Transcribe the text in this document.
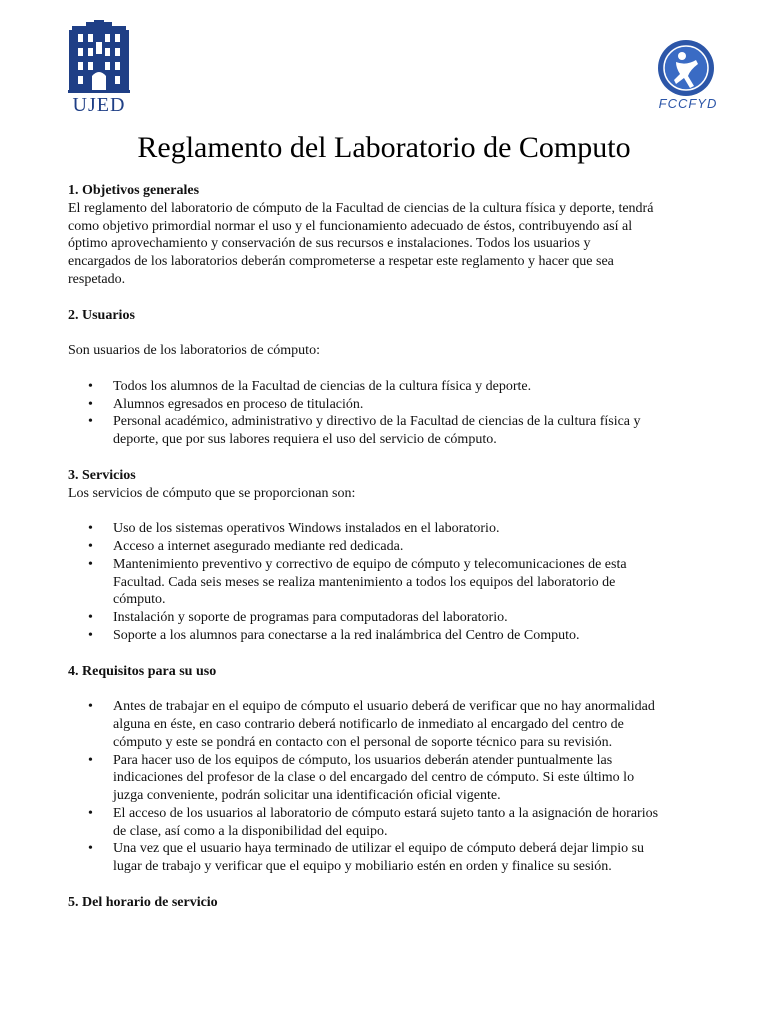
UJED	FCCFYD
Reglamento del Laboratorio de Computo
1. Objetivos generales

El reglamento del laboratorio de cómputo de la Facultad de ciencias de la cultura física y deporte, tendrá
como objetivo primordial normar el uso y el funcionamiento adecuado de éstos, contribuyendo así al
óptimo aprovechamiento y conservación de sus recursos e instalaciones. Todos los usuarios y
encargados de los laboratorios deberán comprometerse a respetar este reglamento y hacer que sea
respetado.

2. Usuarios

Son usuarios de los laboratorios de cómputo:

• Todos los alumnos de la Facultad de ciencias de la cultura física y deporte.
• Alumnos egresados en proceso de titulación.
• Personal académico, administrativo y directivo de la Facultad de ciencias de la cultura física y
deporte, que por sus labores requiera el uso del servicio de cómputo.
3. Servicios

Los servicios de cómputo que se proporcionan son:

• Uso de los sistemas operativos Windows instalados en el laboratorio.
• Acceso a internet asegurado mediante red dedicada.
• Mantenimiento preventivo y correctivo de equipo de cómputo y telecomunicaciones de esta
Facultad. Cada seis meses se realiza mantenimiento a todos los equipos del laboratorio de
cómputo.
• Instalación y soporte de programas para computadoras del laboratorio.
• Soporte a los alumnos para conectarse a la red inalámbrica del Centro de Computo.
4. Requisitos para su uso
• Antes de trabajar en el equipo de cómputo el usuario deberá de verificar que no hay anormalidad
alguna en éste, en caso contrario deberá notificarlo de inmediato al encargado del centro de
cómputo y este se pondrá en contacto con el personal de soporte técnico para su revisión.
• Para hacer uso de los equipos de cómputo, los usuarios deberán atender puntualmente las
indicaciones del profesor de la clase o del encargado del centro de cómputo. Si este último lo
juzga conveniente, podrán solicitar una identificación oficial vigente.
• El acceso de los usuarios al laboratorio de cómputo estará sujeto tanto a la asignación de horarios
de clase, así como a la disponibilidad del equipo.
• Una vez que el usuario haya terminado de utilizar el equipo de cómputo deberá dejar limpio su
lugar de trabajo y verificar que el equipo y mobiliario estén en orden y finalice su sesión.
5. Del horario de servicio
